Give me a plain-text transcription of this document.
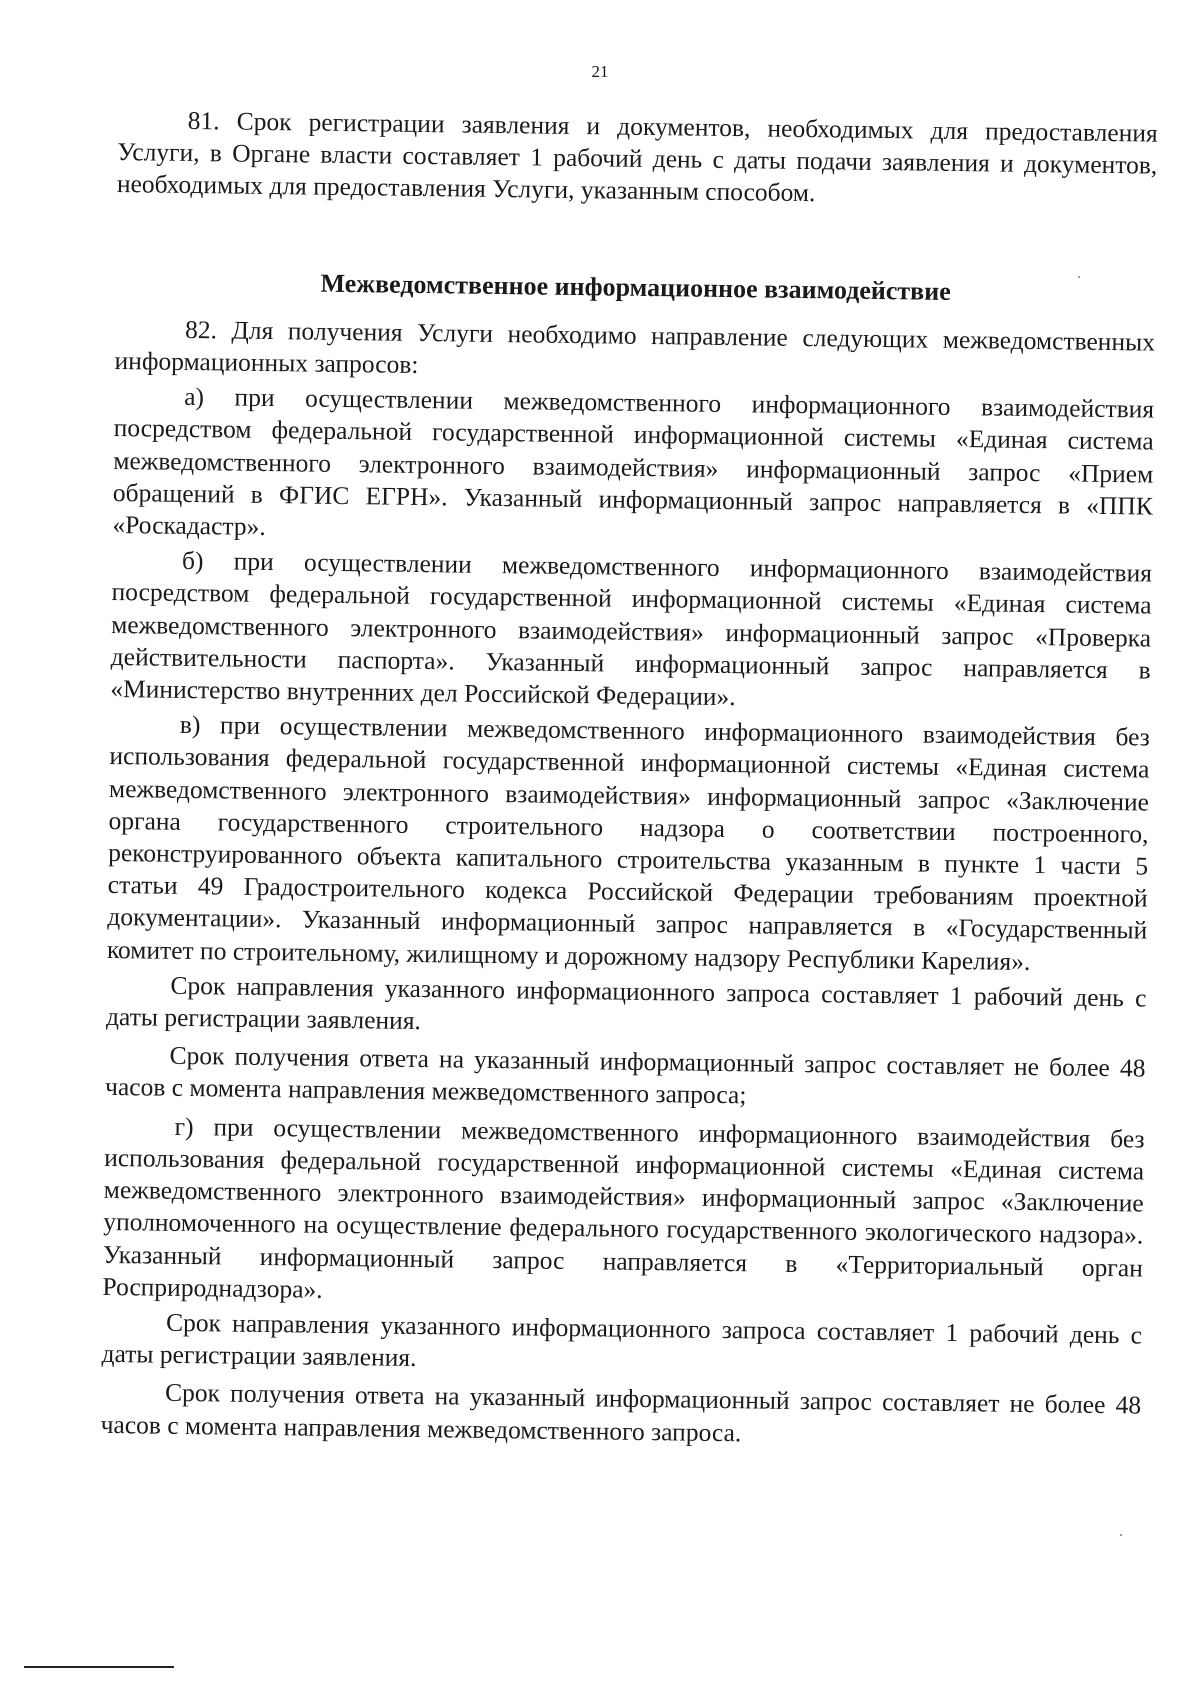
21

81. Срок регистрации заявления и документов, необходимых для предоставления Услуги, в Органе власти составляет 1 рабочий день с даты подачи заявления и документов, необходимых для предоставления Услуги, указанным способом.

Межведомственное информационное взаимодействие

82. Для получения Услуги необходимо направление следующих межведомственных информационных запросов:

а) при осуществлении межведомственного информационного взаимодействия посредством федеральной государственной информационной системы «Единая система межведомственного электронного взаимодействия» информационный запрос «Прием обращений в ФГИС ЕГРН». Указанный информационный запрос направляется в «ППК «Роскадастр».

б) при осуществлении межведомственного информационного взаимодействия посредством федеральной государственной информационной системы «Единая система межведомственного электронного взаимодействия» информационный запрос «Проверка действительности паспорта». Указанный информационный запрос направляется в «Министерство внутренних дел Российской Федерации».

в) при осуществлении межведомственного информационного взаимодействия без использования федеральной государственной информационной системы «Единая система межведомственного электронного взаимодействия» информационный запрос «Заключение органа государственного строительного надзора о соответствии построенного, реконструированного объекта капитального строительства указанным в пункте 1 части 5 статьи 49 Градостроительного кодекса Российской Федерации требованиям проектной документации». Указанный информационный запрос направляется в «Государственный комитет по строительному, жилищному и дорожному надзору Республики Карелия».

Срок направления указанного информационного запроса составляет 1 рабочий день с даты регистрации заявления.

Срок получения ответа на указанный информационный запрос составляет не более 48 часов с момента направления межведомственного запроса;

г) при осуществлении межведомственного информационного взаимодействия без использования федеральной государственной информационной системы «Единая система межведомственного электронного взаимодействия» информационный запрос «Заключение уполномоченного на осуществление федерального государственного экологического надзора». Указанный информационный запрос направляется в «Территориальный орган Росприроднадзора».

Срок направления указанного информационного запроса составляет 1 рабочий день с даты регистрации заявления.

Срок получения ответа на указанный информационный запрос составляет не более 48 часов с момента направления межведомственного запроса.
